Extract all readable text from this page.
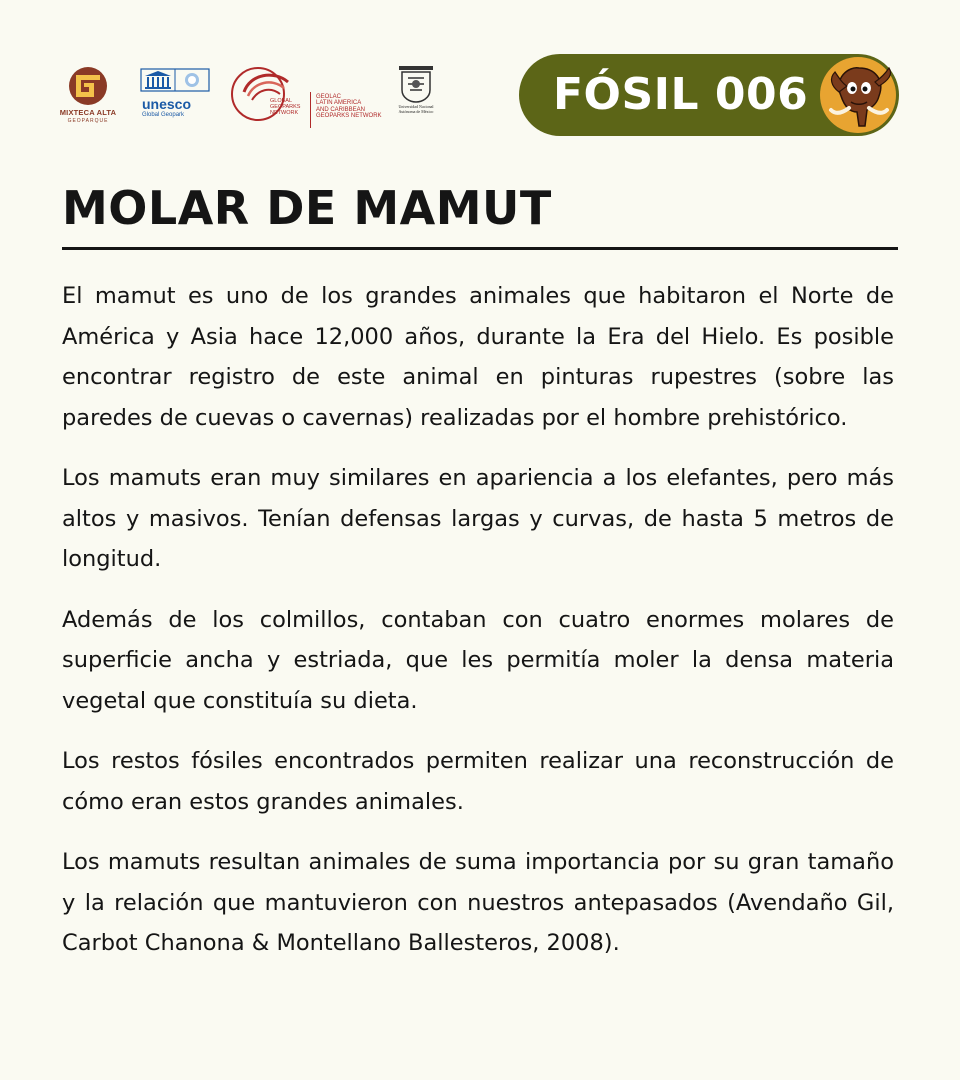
MIXTECA ALTA
GEOPARQUE
unesco
Global Geopark
GLOBAL
GEOPARKS
NETWORK
GEOLAC
LATIN AMERICA
AND CARIBBEAN
GEOPARKS NETWORK
Universidad Nacional Autónoma de México	FÓSIL 006
MOLAR DE MAMUT

El mamut es uno de los grandes animales que habitaron el Norte de América y Asia hace 12,000 años, durante la Era del Hielo. Es posible encontrar registro de este animal en pinturas rupestres (sobre las paredes de cuevas o cavernas) realizadas por el hombre prehistórico.

Los mamuts eran muy similares en apariencia a los elefantes, pero más altos y masivos. Tenían defensas largas y curvas, de hasta 5 metros de longitud.

Además de los colmillos, contaban con cuatro enormes molares de superficie ancha y estriada, que les permitía moler la densa materia vegetal que constituía su dieta.

Los restos fósiles encontrados permiten realizar una reconstrucción de cómo eran estos grandes animales.

Los mamuts resultan animales de suma importancia por su gran tamaño y la relación que mantuvieron con nuestros antepasados (Avendaño Gil, Carbot Chanona & Montellano Ballesteros, 2008).
